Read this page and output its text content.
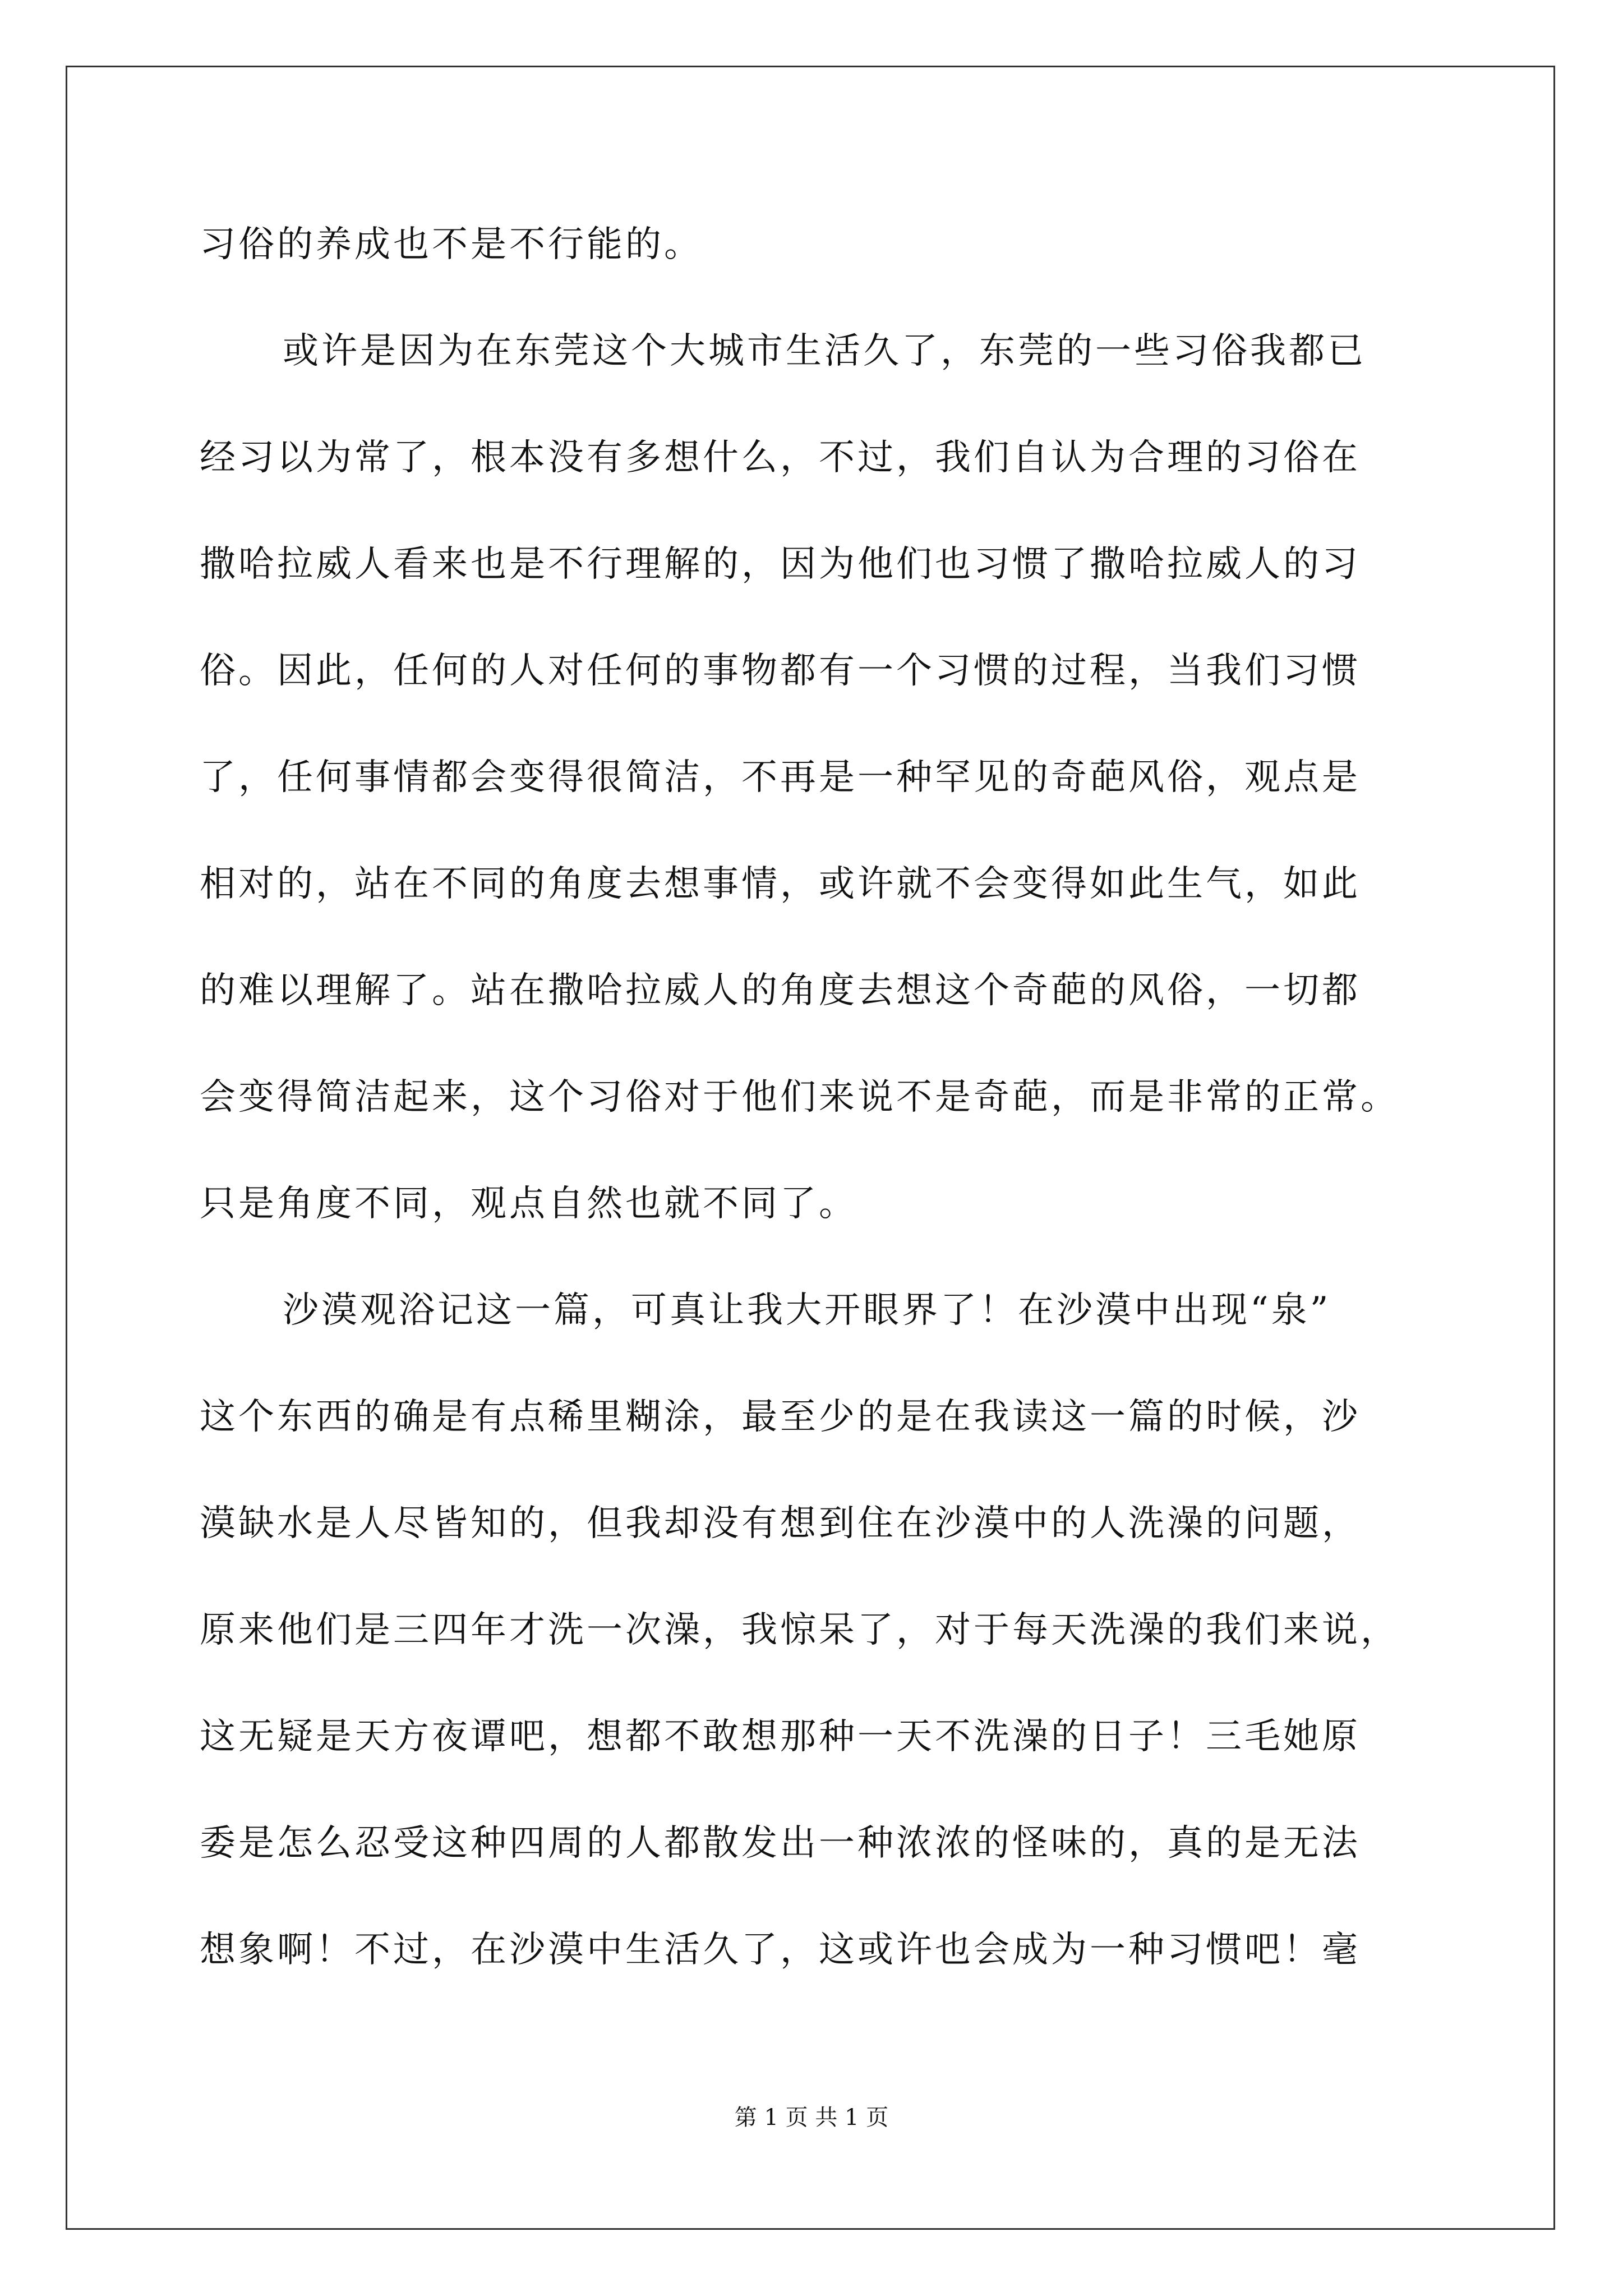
习俗的养成也不是不行能的。
或许是因为在东莞这个大城市生活久了，东莞的一些习俗我都已
经习以为常了，根本没有多想什么，不过，我们自认为合理的习俗在
撒哈拉威人看来也是不行理解的，因为他们也习惯了撒哈拉威人的习
俗。因此，任何的人对任何的事物都有一个习惯的过程，当我们习惯
了，任何事情都会变得很简洁，不再是一种罕见的奇葩风俗，观点是
相对的，站在不同的角度去想事情，或许就不会变得如此生气，如此
的难以理解了。站在撒哈拉威人的角度去想这个奇葩的风俗，一切都
会变得简洁起来，这个习俗对于他们来说不是奇葩，而是非常的正常。
只是角度不同，观点自然也就不同了。
沙漠观浴记这一篇，可真让我大开眼界了！在沙漠中出现“泉”
这个东西的确是有点稀里糊涂，最至少的是在我读这一篇的时候，沙
漠缺水是人尽皆知的，但我却没有想到住在沙漠中的人洗澡的问题，
原来他们是三四年才洗一次澡，我惊呆了，对于每天洗澡的我们来说，
这无疑是天方夜谭吧，想都不敢想那种一天不洗澡的日子！三毛她原
委是怎么忍受这种四周的人都散发出一种浓浓的怪味的，真的是无法
想象啊！不过，在沙漠中生活久了，这或许也会成为一种习惯吧！毫
第 1 页 共 1 页
